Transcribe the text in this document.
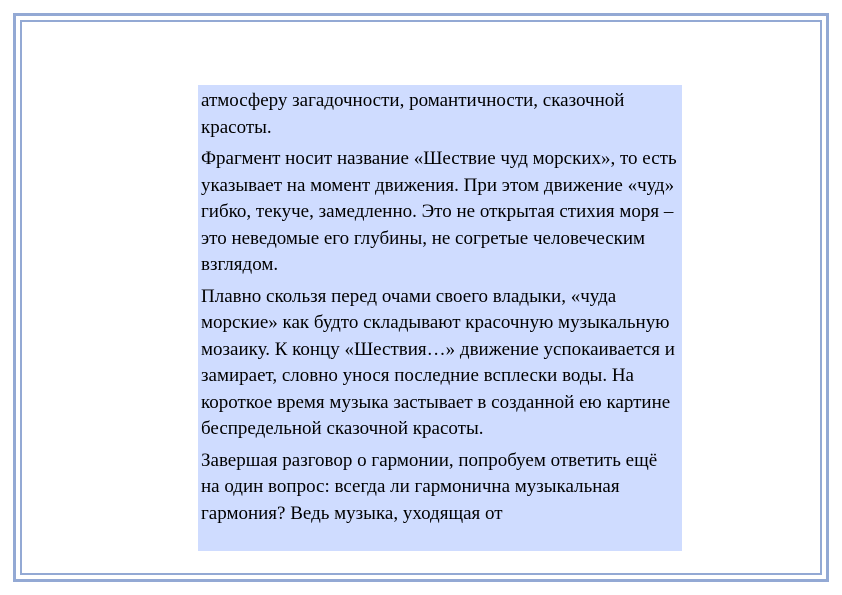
атмосферу загадочности, романтичности, сказочной красоты.

Фрагмент носит название «Шествие чуд морских», то есть указывает на момент движения. При этом движение «чуд» гибко, текуче, замедленно. Это не открытая стихия моря – это неведомые его глубины, не согретые человеческим взглядом.

Плавно скользя перед очами своего владыки, «чуда морские» как будто складывают красочную музыкальную мозаику. К концу «Шествия…» движение успокаивается и замирает, словно унося последние всплески воды. На короткое время музыка застывает в созданной ею картине беспредельной сказочной красоты.

Завершая разговор о гармонии, попробуем ответить ещё на один вопрос: всегда ли гармонична музыкальная гармония? Ведь музыка, уходящая от
